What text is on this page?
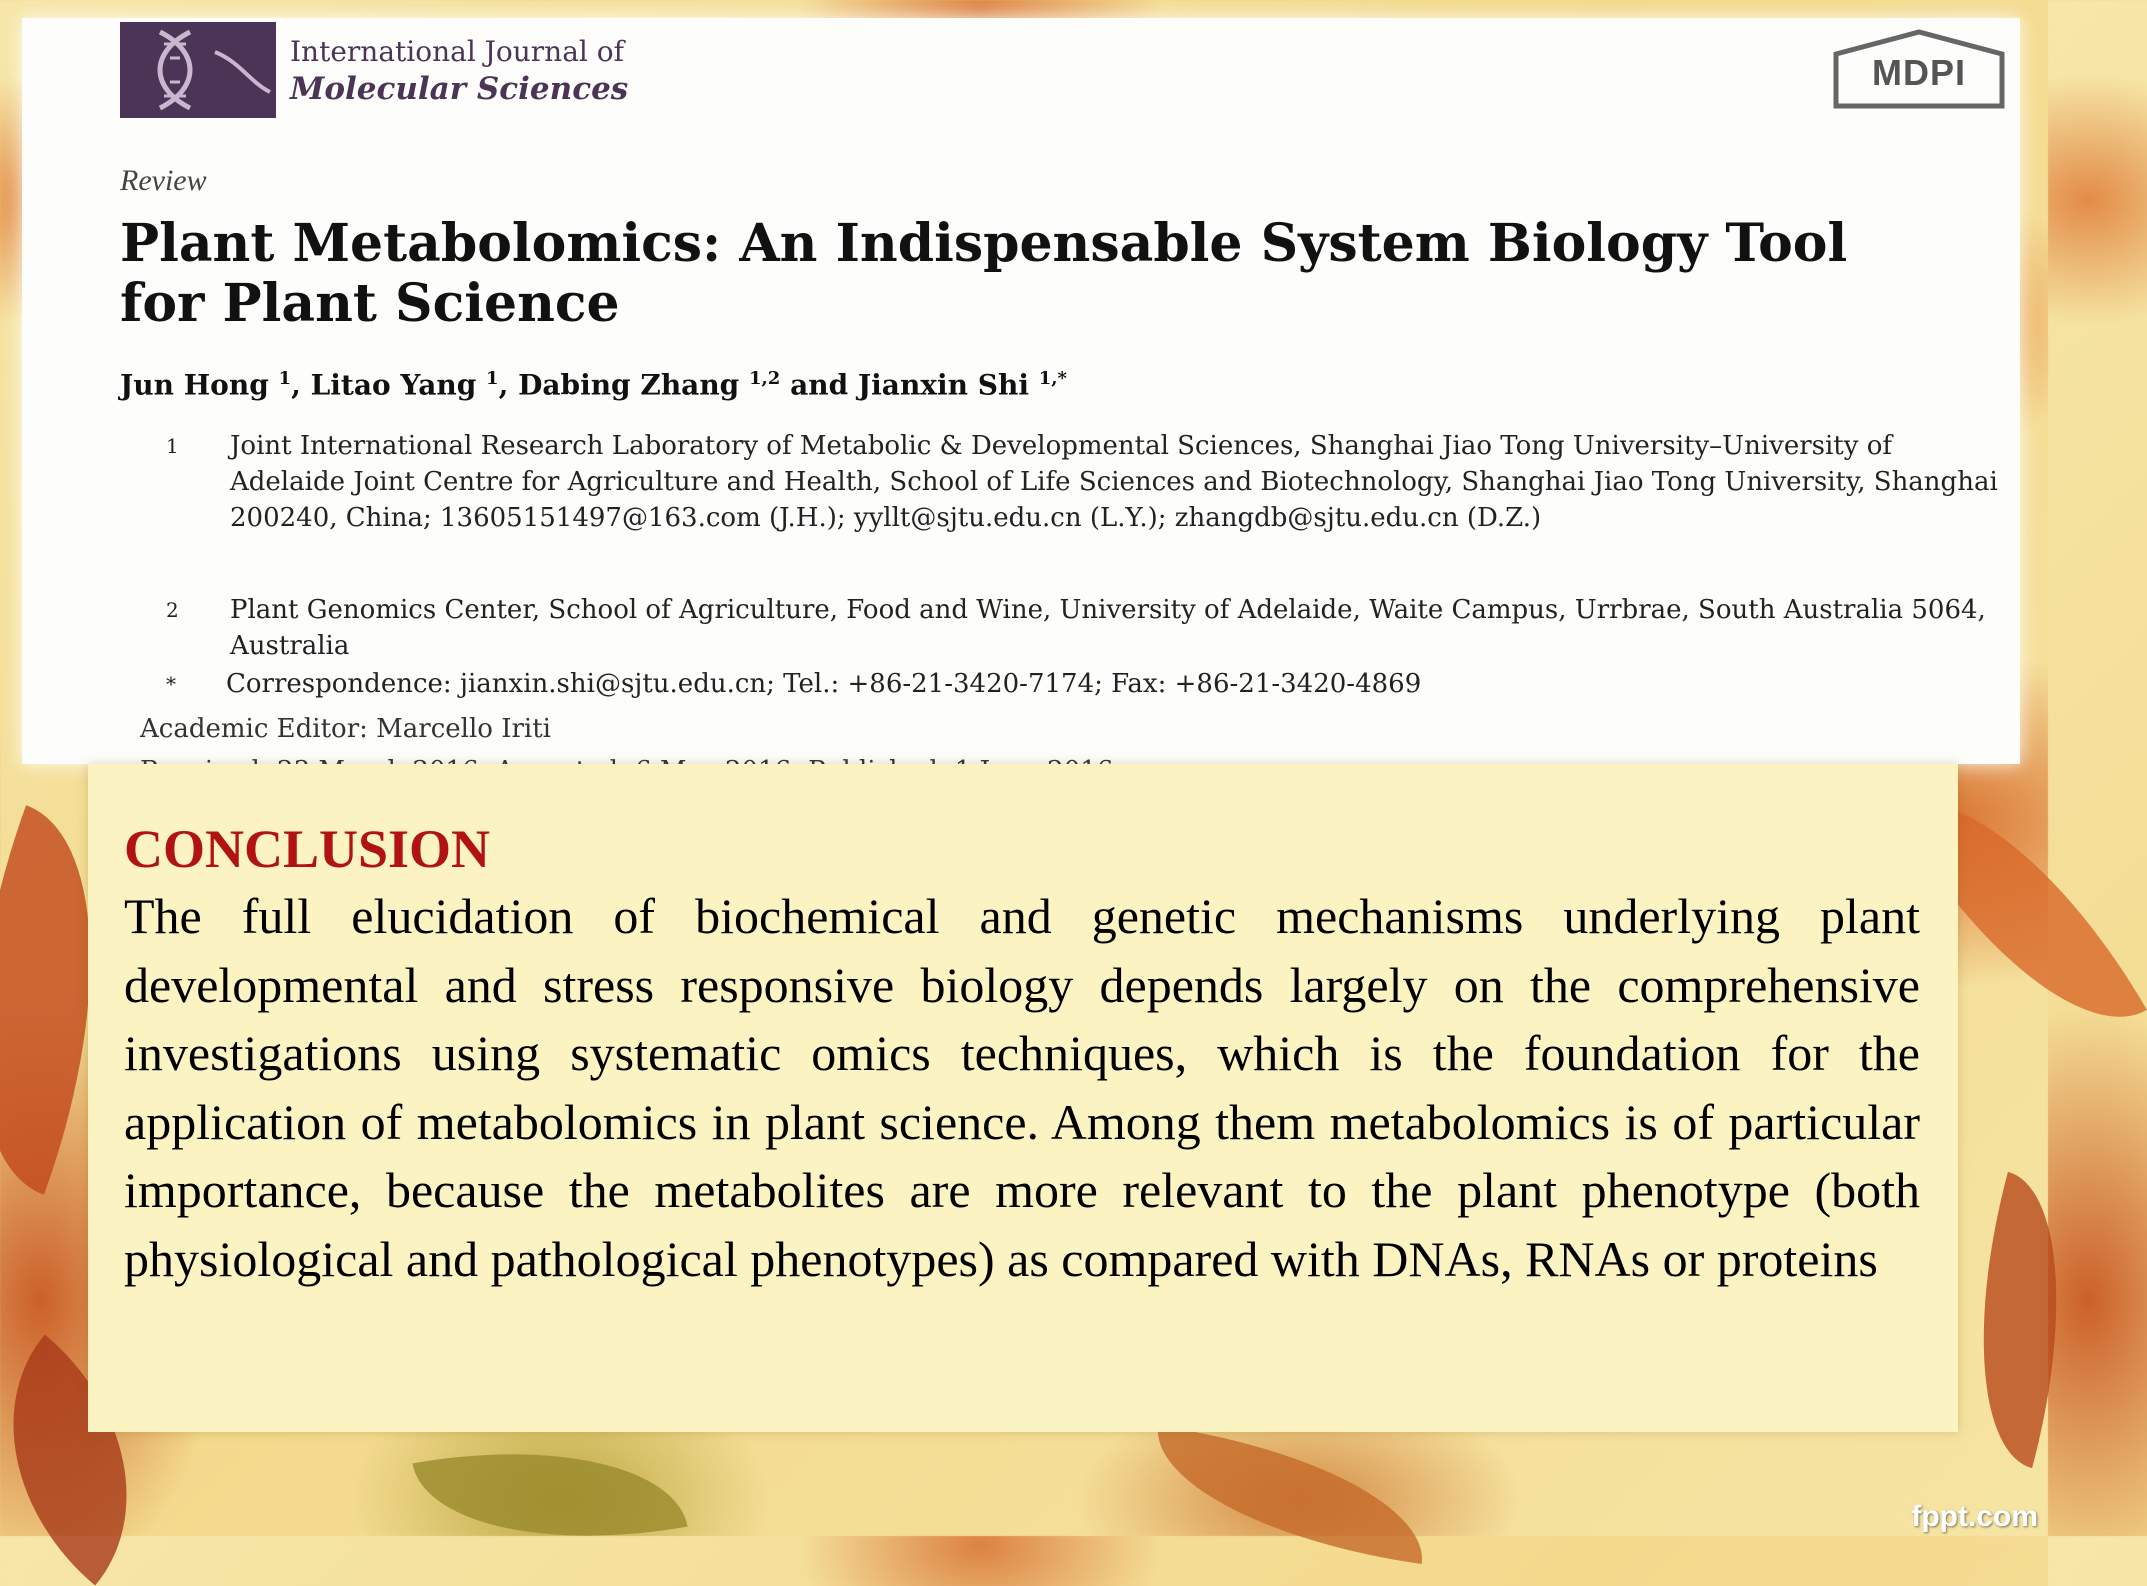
International Journal of
Molecular Sciences	MDPI
Review
Plant Metabolomics: An Indispensable System Biology Tool for Plant Science
Jun Hong $^1$, Litao Yang $^1$, Dabing Zhang $^{1,2}$ and Jianxin Shi $^{1,*}$
1 Joint International Research Laboratory of Metabolic & Developmental Sciences, Shanghai Jiao Tong University–University of Adelaide Joint Centre for Agriculture and Health, School of Life Sciences and Biotechnology, Shanghai Jiao Tong University, Shanghai 200240, China; 13605151497@163.com (J.H.); yyllt@sjtu.edu.cn (L.Y.); zhangdb@sjtu.edu.cn (D.Z.)
2 Plant Genomics Center, School of Agriculture, Food and Wine, University of Adelaide, Waite Campus, Urrbrae, South Australia 5064, Australia
* Correspondence: jianxin.shi@sjtu.edu.cn; Tel.: +86-21-3420-7174; Fax: +86-21-3420-4869
Academic Editor: Marcello Iriti
CONCLUSION
The full elucidation of biochemical and genetic mechanisms underlying plant developmental and stress responsive biology depends largely on the comprehensive investigations using systematic omics techniques, which is the foundation for the application of metabolomics in plant science. Among them metabolomics is of particular importance, because the metabolites are more relevant to the plant phenotype (both physiological and pathological phenotypes) as compared with DNAs, RNAs or proteins
fppt.com
